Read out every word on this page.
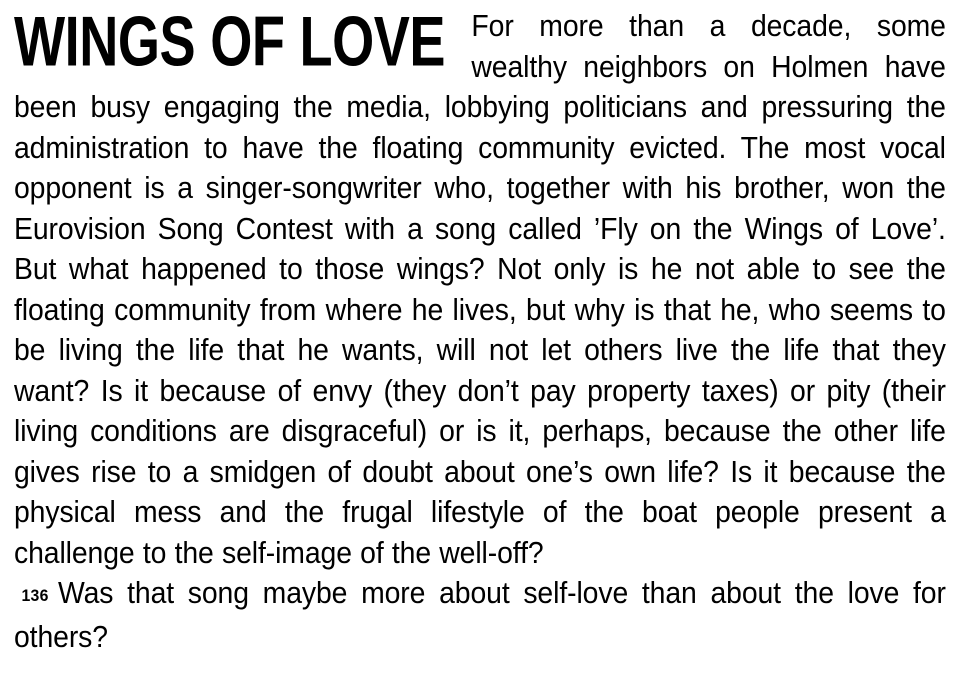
WINGS OF LOVE For more than a decade, some wealthy neighbors on Holmen have been busy engaging the media, lobbying politicians and pressuring the administration to have the floating community evicted. The most vocal opponent is a singer-songwriter who, together with his brother, won the Eurovision Song Contest with a song called ’Fly on the Wings of Love’. But what happened to those wings? Not only is he not able to see the floating community from where he lives, but why is that he, who seems to be living the life that he wants, will not let others live the life that they want? Is it because of envy (they don’t pay property taxes) or pity (their living conditions are disgraceful) or is it, perhaps, because the other life gives rise to a smidgen of doubt about one’s own life? Is it because the physical mess and the frugal lifestyle of the boat people present a challenge to the self-image of the well-off?
136 Was that song maybe more about self-love than about the love for others?
